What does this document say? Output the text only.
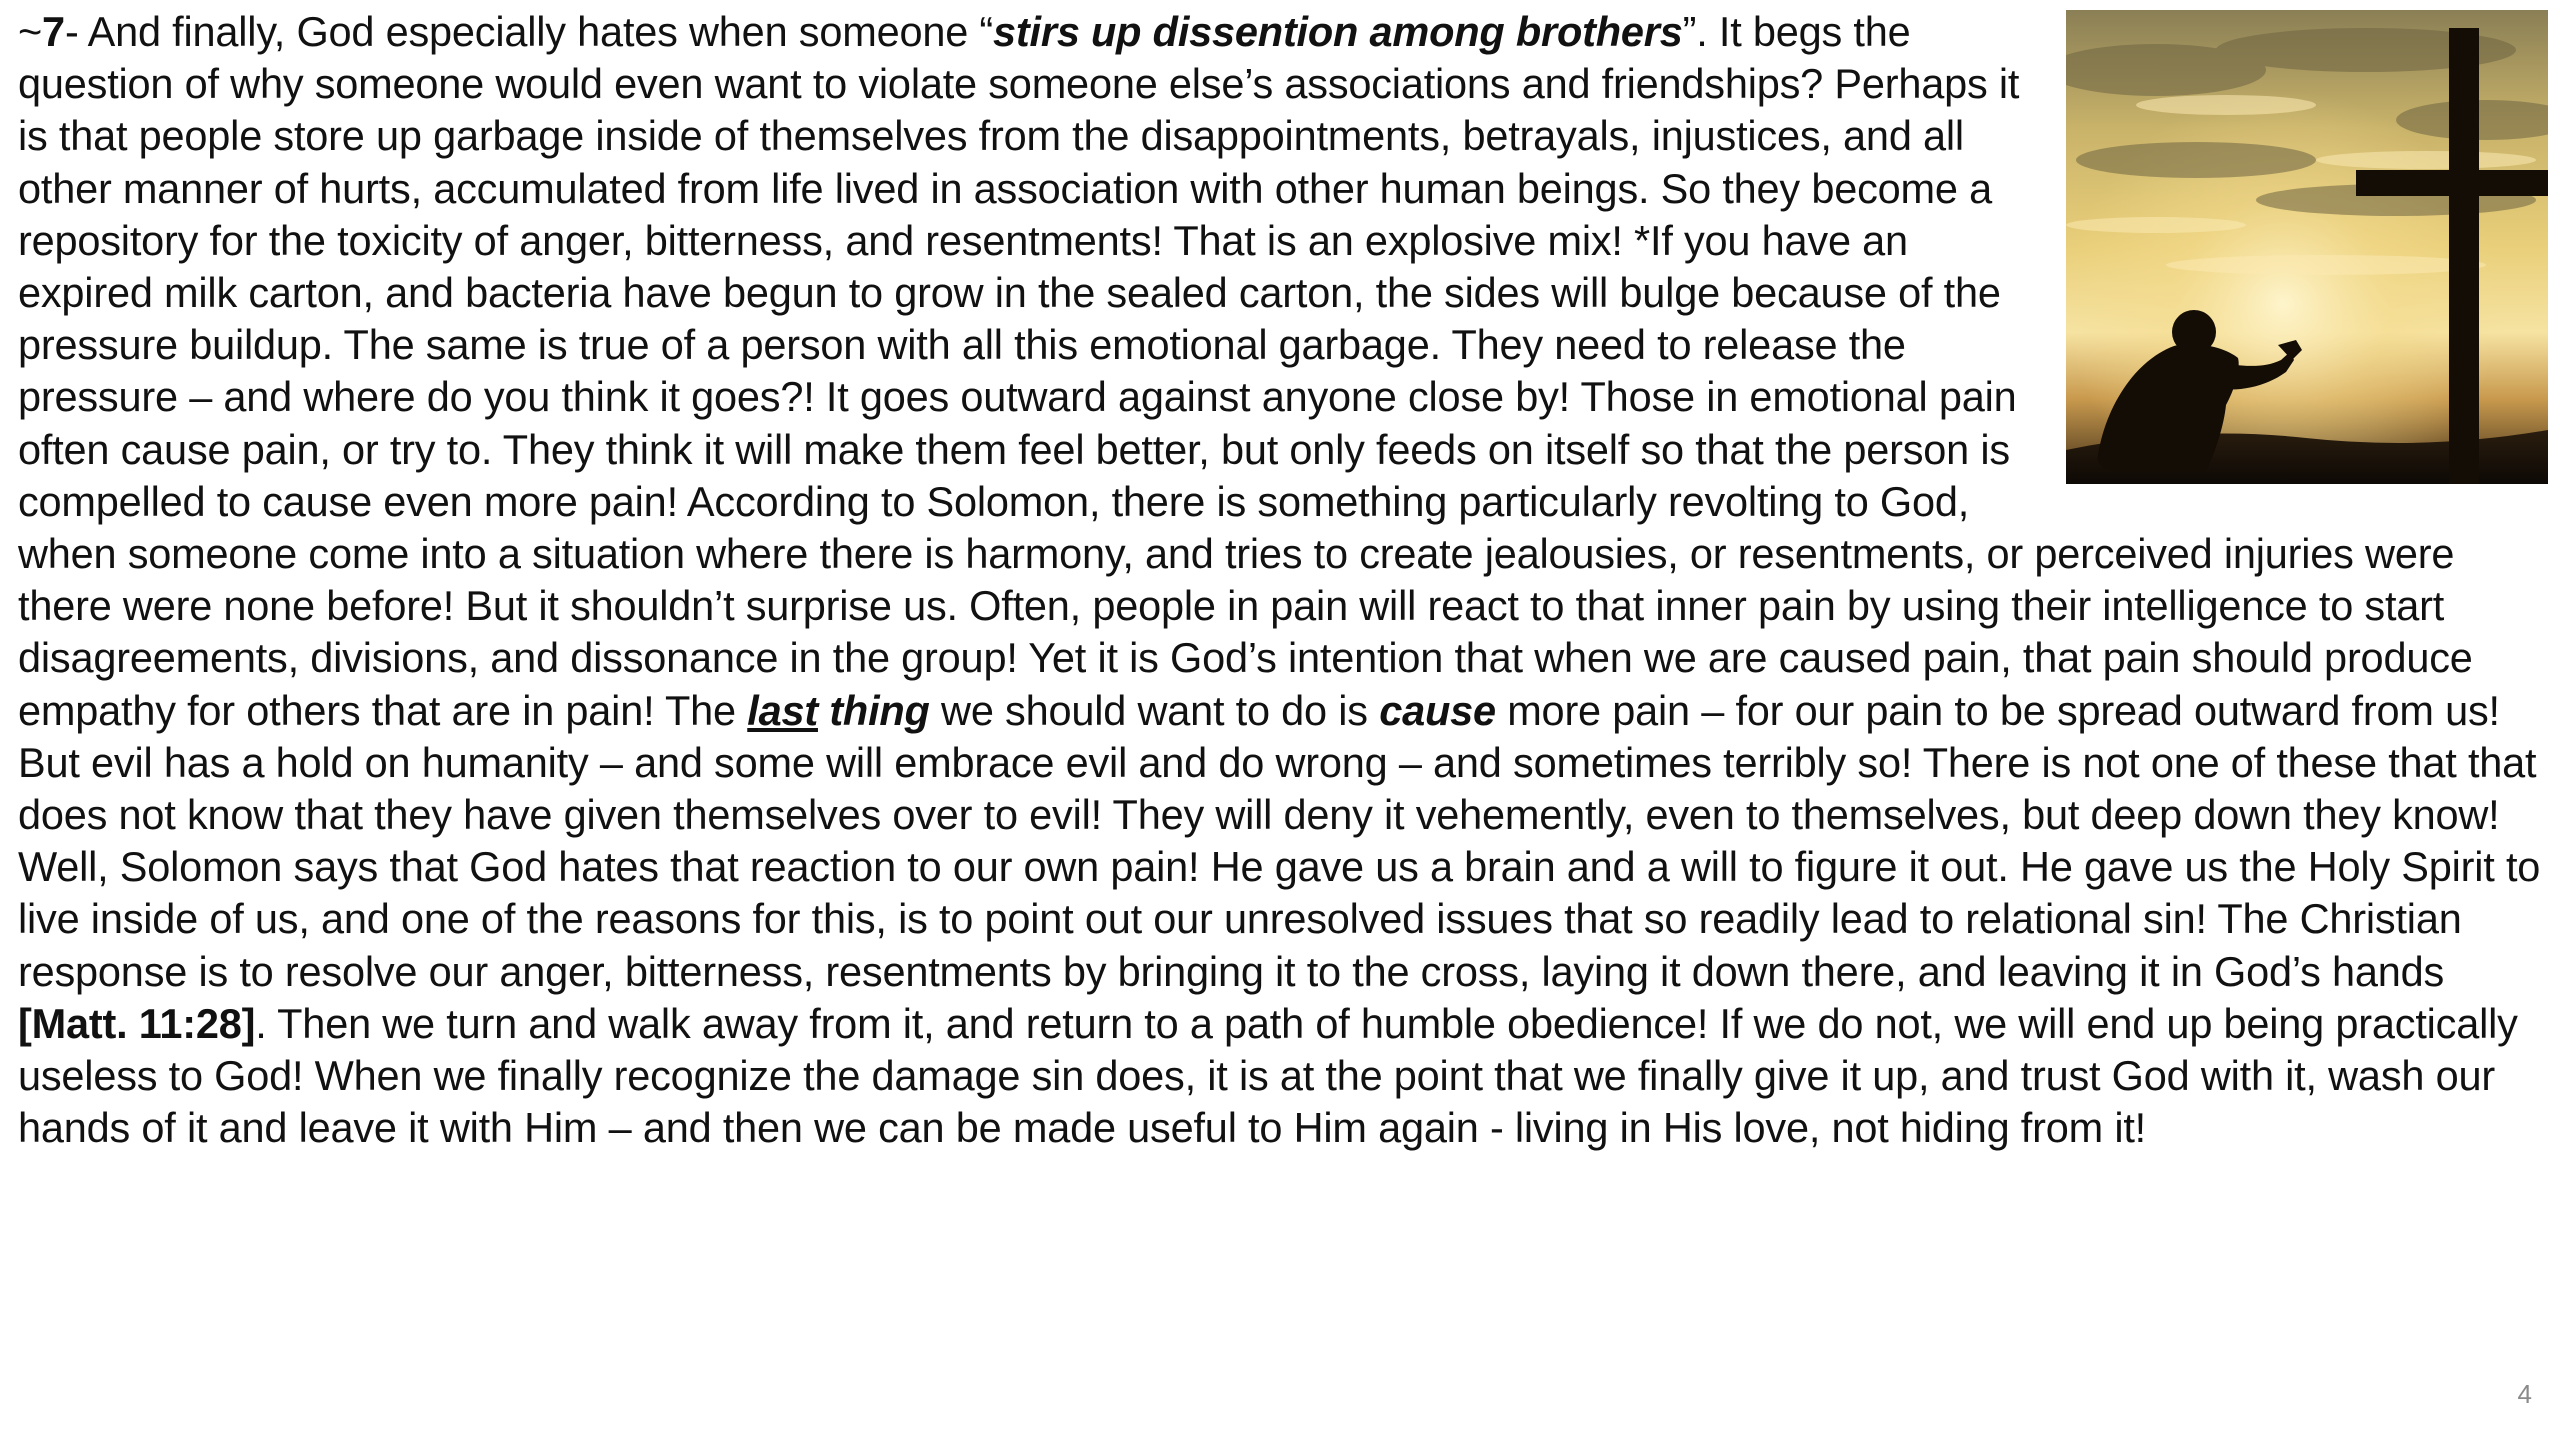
~7- And finally, God especially hates when someone “stirs up dissention among brothers”. It begs the question of why someone would even want to violate someone else’s associations and friendships? Perhaps it is that people store up garbage inside of themselves from the disappointments, betrayals, injustices, and all other manner of hurts, accumulated from life lived in association with other human beings. So they become a repository for the toxicity of anger, bitterness, and resentments! That is an explosive mix! *If you have an expired milk carton, and bacteria have begun to grow in the sealed carton, the sides will bulge because of the pressure buildup. The same is true of a person with all this emotional garbage. They need to release the pressure – and where do you think it goes?! It goes outward against anyone close by! Those in emotional pain often cause pain, or try to. They think it will make them feel better, but only feeds on itself so that the person is compelled to cause even more pain! According to Solomon, there is something particularly revolting to God, when someone come into a situation where there is harmony, and tries to create jealousies, or resentments, or perceived injuries were there were none before! But it shouldn’t surprise us. Often, people in pain will react to that inner pain by using their intelligence to start disagreements, divisions, and dissonance in the group! Yet it is God’s intention that when we are caused pain, that pain should produce empathy for others that are in pain! The last thing we should want to do is cause more pain – for our pain to be spread outward from us! But evil has a hold on humanity – and some will embrace evil and do wrong – and sometimes terribly so! There is not one of these that that does not know that they have given themselves over to evil! They will deny it vehemently, even to themselves, but deep down they know! Well, Solomon says that God hates that reaction to our own pain! He gave us a brain and a will to figure it out. He gave us the Holy Spirit to live inside of us, and one of the reasons for this, is to point out our unresolved issues that so readily lead to relational sin! The Christian response is to resolve our anger, bitterness, resentments by bringing it to the cross, laying it down there, and leaving it in God’s hands [Matt. 11:28]. Then we turn and walk away from it, and return to a path of humble obedience! If we do not, we will end up being practically useless to God! When we finally recognize the damage sin does, it is at the point that we finally give it up, and trust God with it, wash our hands of it and leave it with Him – and then we can be made useful to Him again - living in His love, not hiding from it!

4
